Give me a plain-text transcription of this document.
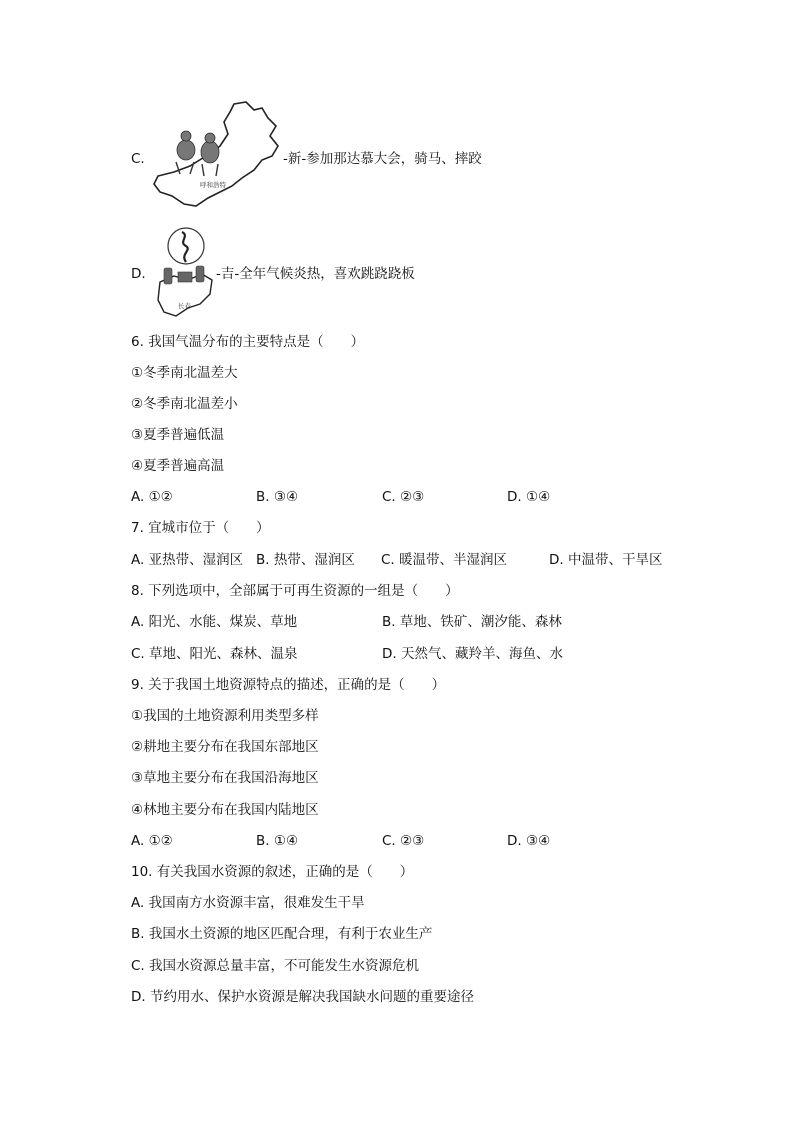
C.
呼和浩特
-新-参加那达慕大会，骑马、摔跤
D.
长春
-吉-全年气候炎热，喜欢跳跷跷板
6. 我国气温分布的主要特点是（　　）
①冬季南北温差大
②冬季南北温差小
③夏季普遍低温
④夏季普遍高温
A. ①②	B. ③④	C. ②③	D. ①④
7. 宜城市位于（　　）
A. 亚热带、湿润区 B. 热带、湿润区 C. 暖温带、半湿润区	D. 中温带、干旱区
8. 下列选项中，全部属于可再生资源的一组是（　　）
A. 阳光、水能、煤炭、草地	B. 草地、铁矿、潮汐能、森林
C. 草地、阳光、森林、温泉	D. 天然气、藏羚羊、海鱼、水
9. 关于我国土地资源特点的描述，正确的是（　　）
①我国的土地资源利用类型多样
②耕地主要分布在我国东部地区
③草地主要分布在我国沿海地区
④林地主要分布在我国内陆地区
A. ①②	B. ①④	C. ②③	D. ③④
10. 有关我国水资源的叙述，正确的是（　　）
A. 我国南方水资源丰富，很难发生干旱
B. 我国水土资源的地区匹配合理，有利于农业生产
C. 我国水资源总量丰富，不可能发生水资源危机
D. 节约用水、保护水资源是解决我国缺水问题的重要途径
